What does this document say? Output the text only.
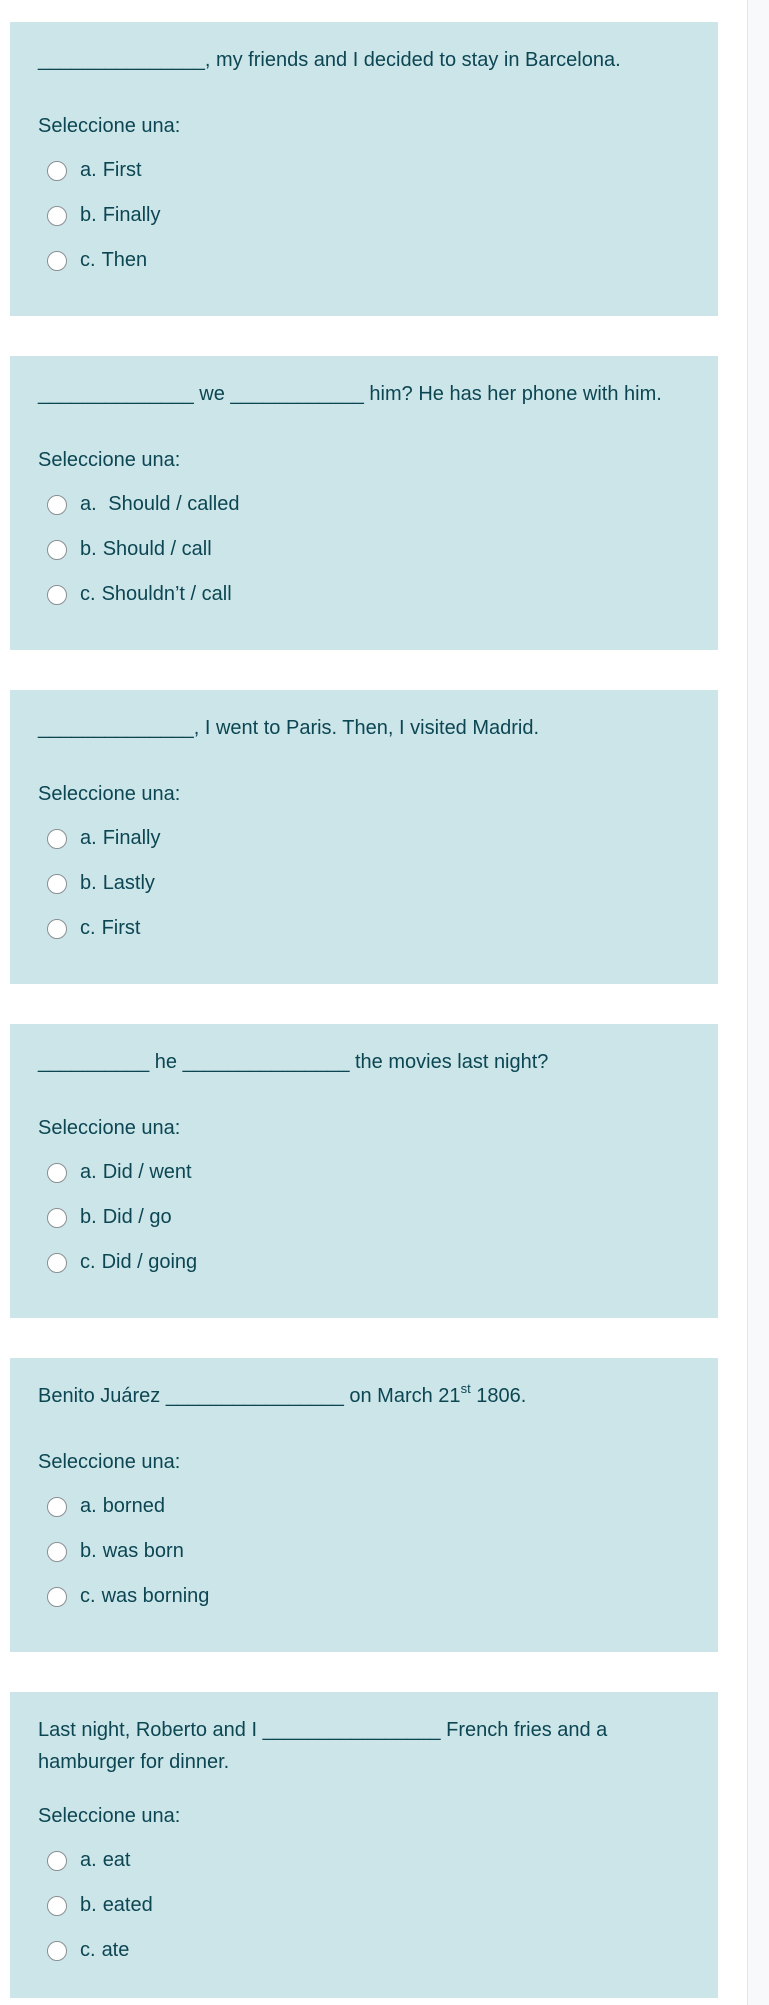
_______________, my friends and I decided to stay in Barcelona.

Seleccione una:
a. First
b. Finally
c. Then

______________ we ____________ him? He has her phone with him.

Seleccione una:
a. Should / called
b. Should / call
c. Shouldn’t / call

______________, I went to Paris. Then, I visited Madrid.

Seleccione una:
a. Finally
b. Lastly
c. First

__________ he _______________ the movies last night?

Seleccione una:
a. Did / went
b. Did / go
c. Did / going

Benito Juárez ________________ on March 21st 1806.

Seleccione una:
a. borned
b. was born
c. was borning

Last night, Roberto and I ________________ French fries and a hamburger for dinner.

Seleccione una:
a. eat
b. eated
c. ate
